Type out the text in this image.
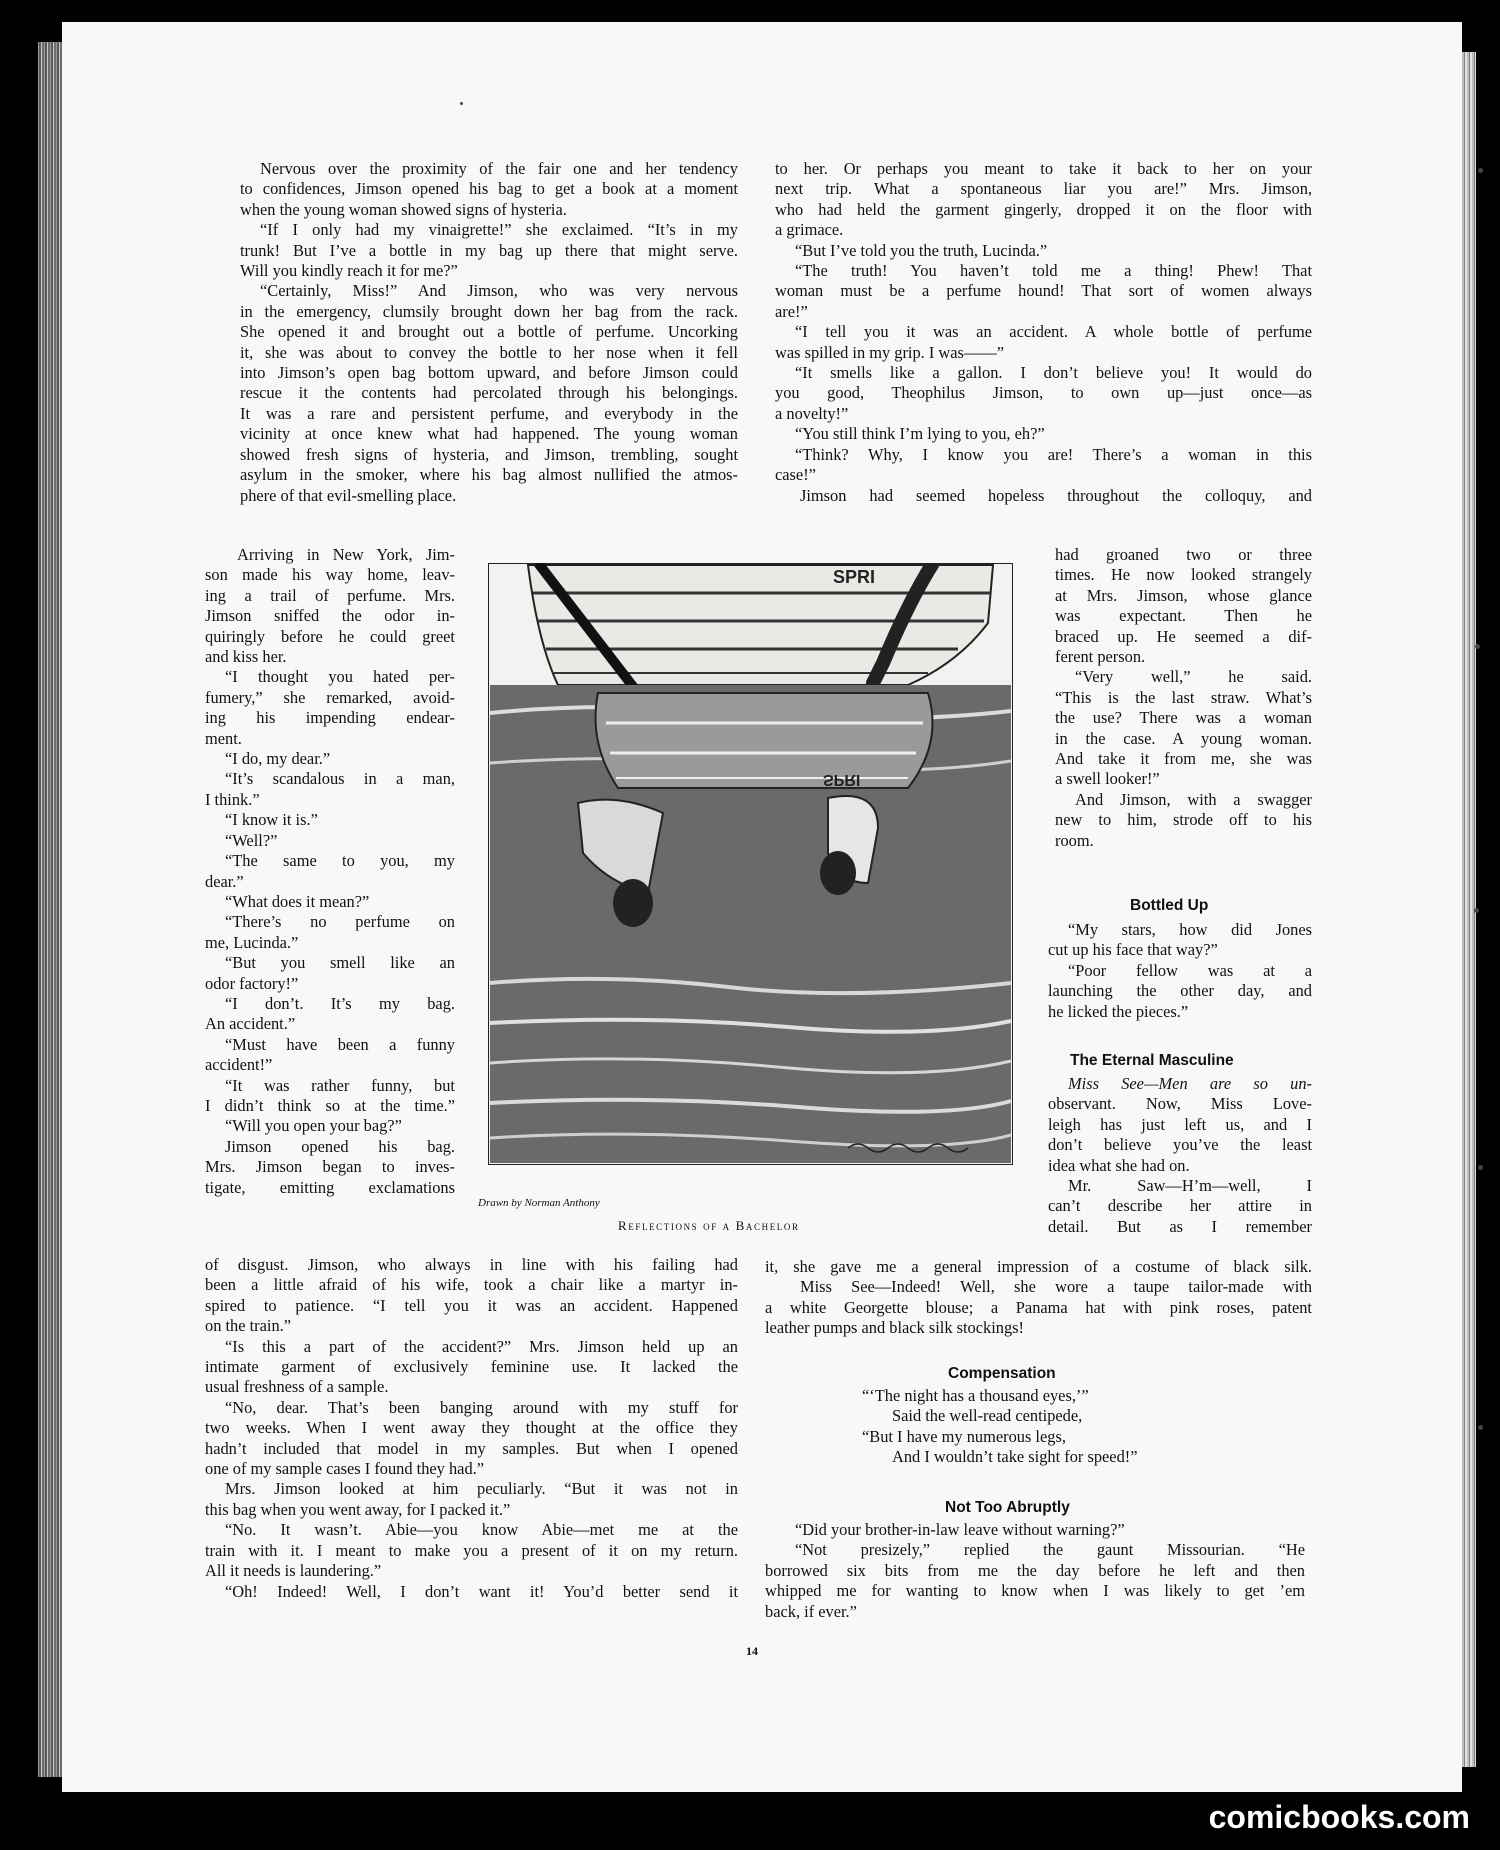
Nervous over the proximity of the fair one and her tendency
to confidences, Jimson opened his bag to get a book at a moment
when the young woman showed signs of hysteria.
“If I only had my vinaigrette!” she exclaimed. “It’s in my
trunk! But I’ve a bottle in my bag up there that might serve.
Will you kindly reach it for me?”
“Certainly, Miss!” And Jimson, who was very nervous
in the emergency, clumsily brought down her bag from the rack.
She opened it and brought out a bottle of perfume. Uncorking
it, she was about to convey the bottle to her nose when it fell
into Jimson’s open bag bottom upward, and before Jimson could
rescue it the contents had percolated through his belongings.
It was a rare and persistent perfume, and everybody in the
vicinity at once knew what had happened. The young woman
showed fresh signs of hysteria, and Jimson, trembling, sought
asylum in the smoker, where his bag almost nullified the atmos-
phere of that evil-smelling place.
Arriving in New York, Jim-
son made his way home, leav-
ing a trail of perfume. Mrs.
Jimson sniffed the odor in-
quiringly before he could greet
and kiss her.
“I thought you hated per-
fumery,” she remarked, avoid-
ing his impending endear-
ment.
“I do, my dear.”
“It’s scandalous in a man,
I think.”
“I know it is.”
“Well?”
“The same to you, my
dear.”
“What does it mean?”
“There’s no perfume on
me, Lucinda.”
“But you smell like an
odor factory!”
“I don’t. It’s my bag.
An accident.”
“Must have been a funny
accident!”
“It was rather funny, but
I didn’t think so at the time.”
“Will you open your bag?”
Jimson opened his bag.
Mrs. Jimson began to inves-
tigate, emitting exclamations
of disgust. Jimson, who always in line with his failing had
been a little afraid of his wife, took a chair like a martyr in-
spired to patience. “I tell you it was an accident. Happened
on the train.”
“Is this a part of the accident?” Mrs. Jimson held up an
intimate garment of exclusively feminine use. It lacked the
usual freshness of a sample.
“No, dear. That’s been banging around with my stuff for
two weeks. When I went away they thought at the office they
hadn’t included that model in my samples. But when I opened
one of my sample cases I found they had.”
Mrs. Jimson looked at him peculiarly. “But it was not in
this bag when you went away, for I packed it.”
“No. It wasn’t. Abie—you know Abie—met me at the
train with it. I meant to make you a present of it on my return.
All it needs is laundering.”
“Oh! Indeed! Well, I don’t want it! You’d better send it
to her. Or perhaps you meant to take it back to her on your
next trip. What a spontaneous liar you are!” Mrs. Jimson,
who had held the garment gingerly, dropped it on the floor with
a grimace.
“But I’ve told you the truth, Lucinda.”
“The truth! You haven’t told me a thing! Phew! That
woman must be a perfume hound! That sort of women always
are!”
“I tell you it was an accident. A whole bottle of perfume
was spilled in my grip. I was——”
“It smells like a gallon. I don’t believe you! It would do
you good, Theophilus Jimson, to own up—just once—as
a novelty!”
“You still think I’m lying to you, eh?”
“Think? Why, I know you are! There’s a woman in this
case!”
Jimson had seemed hopeless throughout the colloquy, and
had groaned two or three
times. He now looked strangely
at Mrs. Jimson, whose glance
was expectant. Then he
braced up. He seemed a dif-
ferent person.
“Very well,” he said.
“This is the last straw. What’s
the use? There was a woman
in the case. A young woman.
And take it from me, she was
a swell looker!”
And Jimson, with a swagger
new to him, strode off to his
room.
Bottled Up
“My stars, how did Jones
cut up his face that way?”
“Poor fellow was at a
launching the other day, and
he licked the pieces.”
The Eternal Masculine
Miss See—Men are so un-
observant. Now, Miss Love-
leigh has just left us, and I
don’t believe you’ve the least
idea what she had on.
Mr. Saw—H’m—well, I
can’t describe her attire in
detail. But as I remember
it, she gave me a general impression of a costume of black silk.
Miss See—Indeed! Well, she wore a taupe tailor-made with
a white Georgette blouse; a Panama hat with pink roses, patent
leather pumps and black silk stockings!
Compensation
“‘The night has a thousand eyes,’”
Said the well-read centipede,
“But I have my numerous legs,
And I wouldn’t take sight for speed!”
Not Too Abruptly
“Did your brother-in-law leave without warning?”
“Not presizely,” replied the gaunt Missourian. “He
borrowed six bits from me the day before he left and then
whipped me for wanting to know when I was likely to get ’em
back, if ever.”
SPRI
SPRI
Drawn by Norman Anthony
Reflections of a Bachelor
14
comicbooks.com
